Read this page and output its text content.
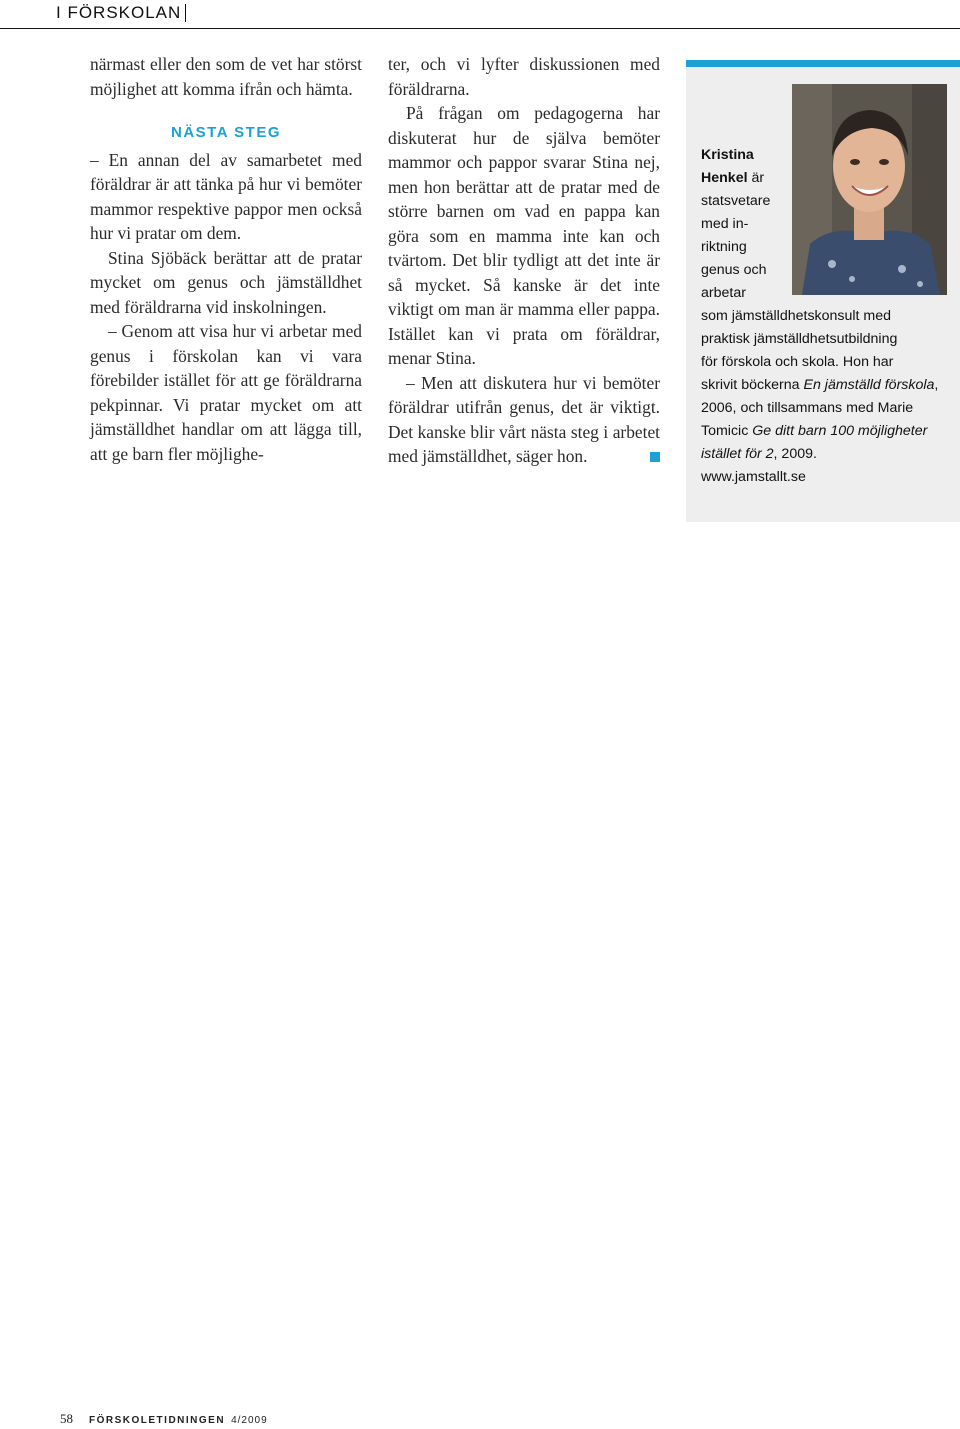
I FÖRSKOLAN

närmast eller den som de vet har störst möjlighet att komma ifrån och hämta.

NÄSTA STEG

– En annan del av samarbetet med föräldrar är att tänka på hur vi bemöter mammor respektive pappor men också hur vi pratar om dem.

Stina Sjöbäck berättar att de pratar mycket om genus och jämställdhet med föräldrarna vid inskolningen.

– Genom att visa hur vi arbetar med genus i förskolan kan vi vara förebilder istället för att ge föräldrarna pekpinnar. Vi pratar mycket om att jämställdhet handlar om att lägga till, att ge barn fler möjlighe-

ter, och vi lyfter diskussionen med föräldrarna.

På frågan om pedagogerna har diskuterat hur de själva bemöter mammor och pappor svarar Stina nej, men hon berättar att de pratar med de större barnen om vad en pappa kan göra som en mamma inte kan och tvärtom. Det blir tydligt att det inte är så mycket. Så kanske är det inte viktigt om man är mamma eller pappa. Istället kan vi prata om föräldrar, menar Stina.

– Men att diskutera hur vi bemöter föräldrar utifrån genus, det är viktigt. Det kanske blir vårt nästa steg i arbetet med jämställdhet, säger hon.

Kristina
Henkel är
statsvetare
med in-
riktning
genus och
arbetar
som jämställdhetskonsult med
praktisk jämställdhetsutbildning
för förskola och skola. Hon har
skrivit böckerna En jämställd förskola, 2006, och tillsammans med Marie Tomicic Ge ditt barn 100 möjligheter istället för 2, 2009.
www.jamstallt.se
58 FÖRSKOLETIDNINGEN 4/2009
